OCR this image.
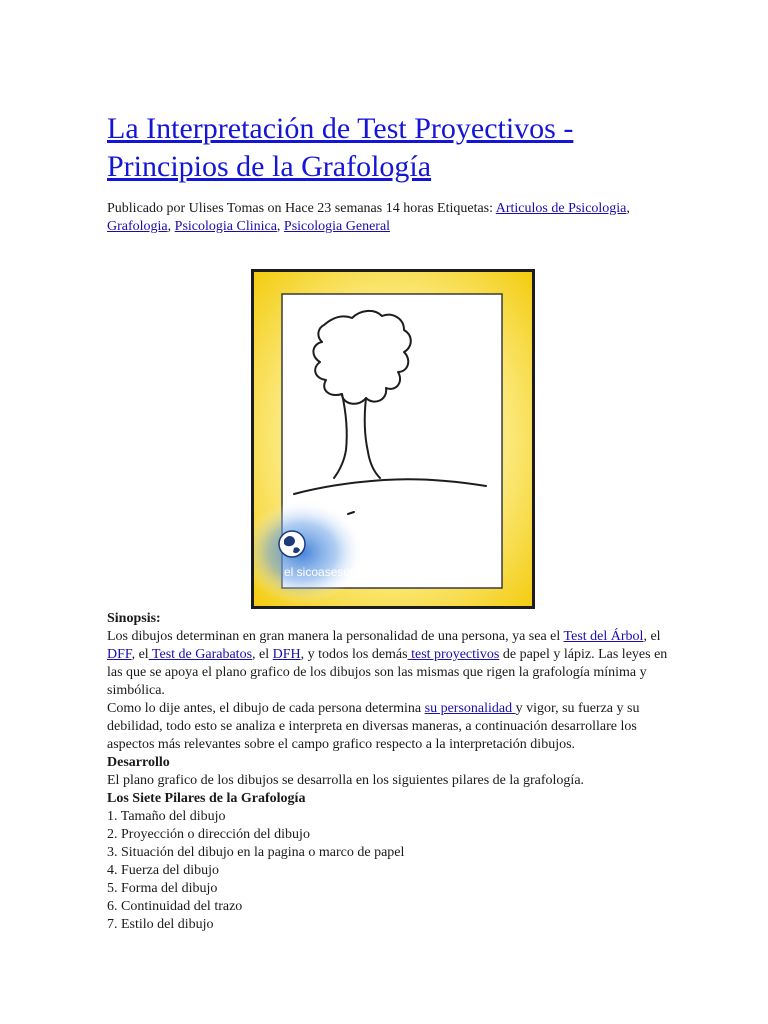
La Interpretación de Test Proyectivos -
Principios de la Grafología
Publicado por Ulises Tomas on Hace 23 semanas 14 horas Etiquetas: Articulos de Psicologia, Grafologia, Psicologia Clinica, Psicologia General
el sicoasesor

Sinopsis:

Los dibujos determinan en gran manera la personalidad de una persona, ya sea el Test del Árbol, el DFF, el Test de Garabatos, el DFH, y todos los demás test proyectivos de papel y lápiz. Las leyes en las que se apoya el plano grafico de los dibujos son las mismas que rigen la grafología mínima y simbólica.

Como lo dije antes, el dibujo de cada persona determina su personalidad y vigor, su fuerza y su debilidad, todo esto se analiza e interpreta en diversas maneras, a continuación desarrollare los aspectos más relevantes sobre el campo grafico respecto a la interpretación dibujos.

Desarrollo

El plano grafico de los dibujos se desarrolla en los siguientes pilares de la grafología.

Los Siete Pilares de la Grafología

1. Tamaño del dibujo
2. Proyección o dirección del dibujo
3. Situación del dibujo en la pagina o marco de papel
4. Fuerza del dibujo
5. Forma del dibujo
6. Continuidad del trazo
7. Estilo del dibujo
